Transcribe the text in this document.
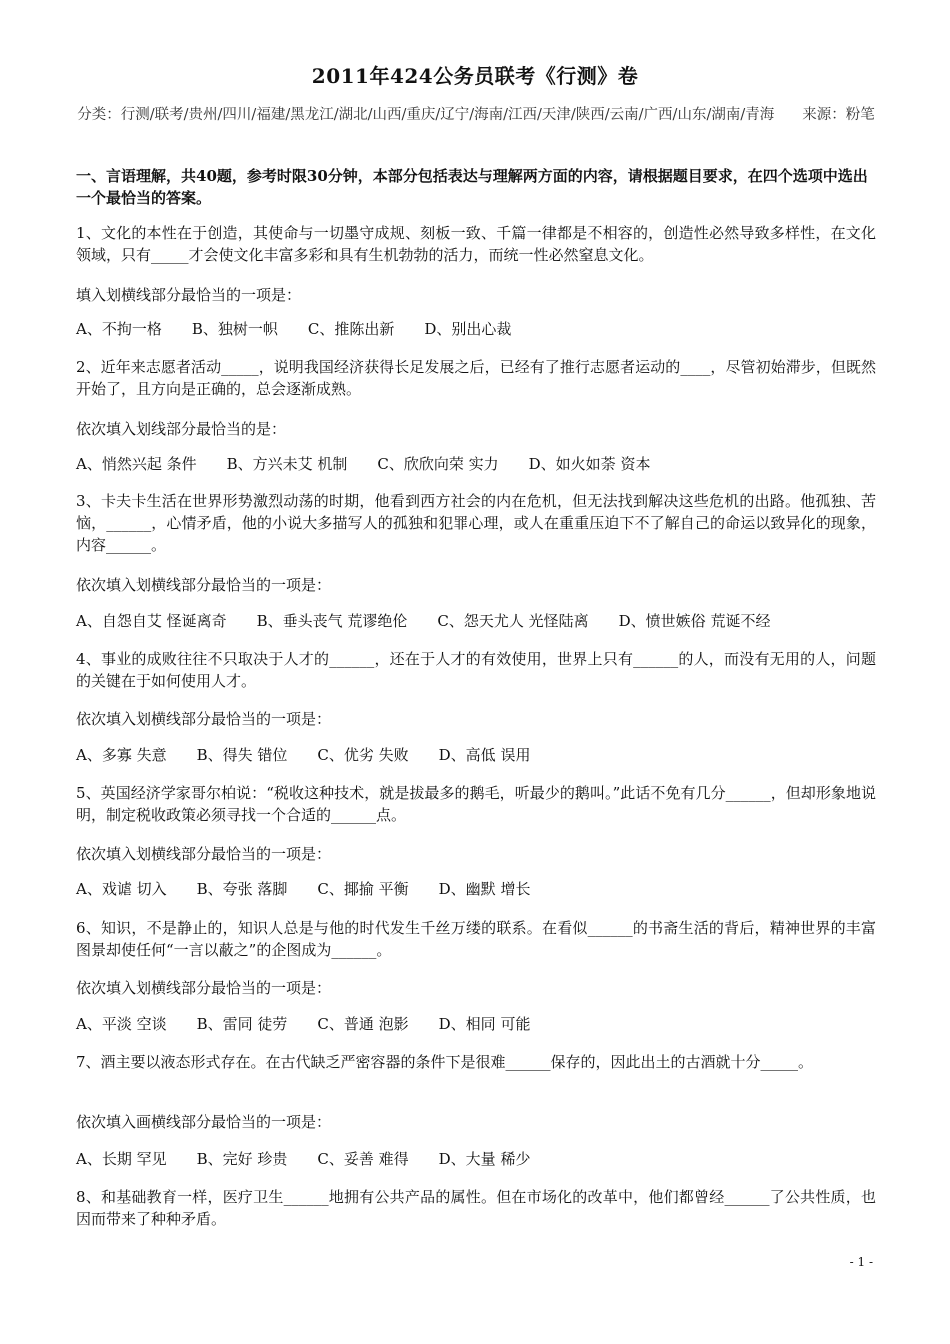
2011年424公务员联考《行测》卷
分类：行测/联考/贵州/四川/福建/黑龙江/湖北/山西/重庆/辽宁/海南/江西/天津/陕西/云南/广西/山东/湖南/青海 来源：粉笔
一、言语理解，共40题，参考时限30分钟，本部分包括表达与理解两方面的内容，请根据题目要求，在四个选项中选出一个最恰当的答案。
1、文化的本性在于创造，其使命与一切墨守成规、刻板一致、千篇一律都是不相容的，创造性必然导致多样性，在文化领域，只有_____才会使文化丰富多彩和具有生机勃勃的活力，而统一性必然窒息文化。
填入划横线部分最恰当的一项是：
A、不拘一格 B、独树一帜 C、推陈出新 D、别出心裁
2、近年来志愿者活动_____，说明我国经济获得长足发展之后，已经有了推行志愿者运动的____，尽管初始滞步，但既然开始了，且方向是正确的，总会逐渐成熟。
依次填入划线部分最恰当的是：
A、悄然兴起 条件 B、方兴未艾 机制 C、欣欣向荣 实力 D、如火如荼 资本
3、卡夫卡生活在世界形势激烈动荡的时期，他看到西方社会的内在危机，但无法找到解决这些危机的出路。他孤独、苦恼，______，心情矛盾，他的小说大多描写人的孤独和犯罪心理，或人在重重压迫下不了解自己的命运以致异化的现象，内容______。
依次填入划横线部分最恰当的一项是：
A、自怨自艾 怪诞离奇 B、垂头丧气 荒谬绝伦 C、怨天尤人 光怪陆离 D、愤世嫉俗 荒诞不经
4、事业的成败往往不只取决于人才的______，还在于人才的有效使用，世界上只有______的人，而没有无用的人，问题的关键在于如何使用人才。
依次填入划横线部分最恰当的一项是：
A、多寡 失意 B、得失 错位 C、优劣 失败 D、高低 误用
5、英国经济学家哥尔柏说：“税收这种技术，就是拔最多的鹅毛，听最少的鹅叫。”此话不免有几分______，但却形象地说明，制定税收政策必须寻找一个合适的______点。
依次填入划横线部分最恰当的一项是：
A、戏谑 切入 B、夸张 落脚 C、揶揄 平衡 D、幽默 增长
6、知识，不是静止的，知识人总是与他的时代发生千丝万缕的联系。在看似______的书斋生活的背后，精神世界的丰富图景却使任何“一言以蔽之”的企图成为______。
依次填入划横线部分最恰当的一项是：
A、平淡 空谈 B、雷同 徒劳 C、普通 泡影 D、相同 可能
7、酒主要以液态形式存在。在古代缺乏严密容器的条件下是很难______保存的，因此出土的古酒就十分_____。
依次填入画横线部分最恰当的一项是：
A、长期 罕见 B、完好 珍贵 C、妥善 难得 D、大量 稀少
8、和基础教育一样，医疗卫生______地拥有公共产品的属性。但在市场化的改革中，他们都曾经______了公共性质，也因而带来了种种矛盾。
- 1 -
